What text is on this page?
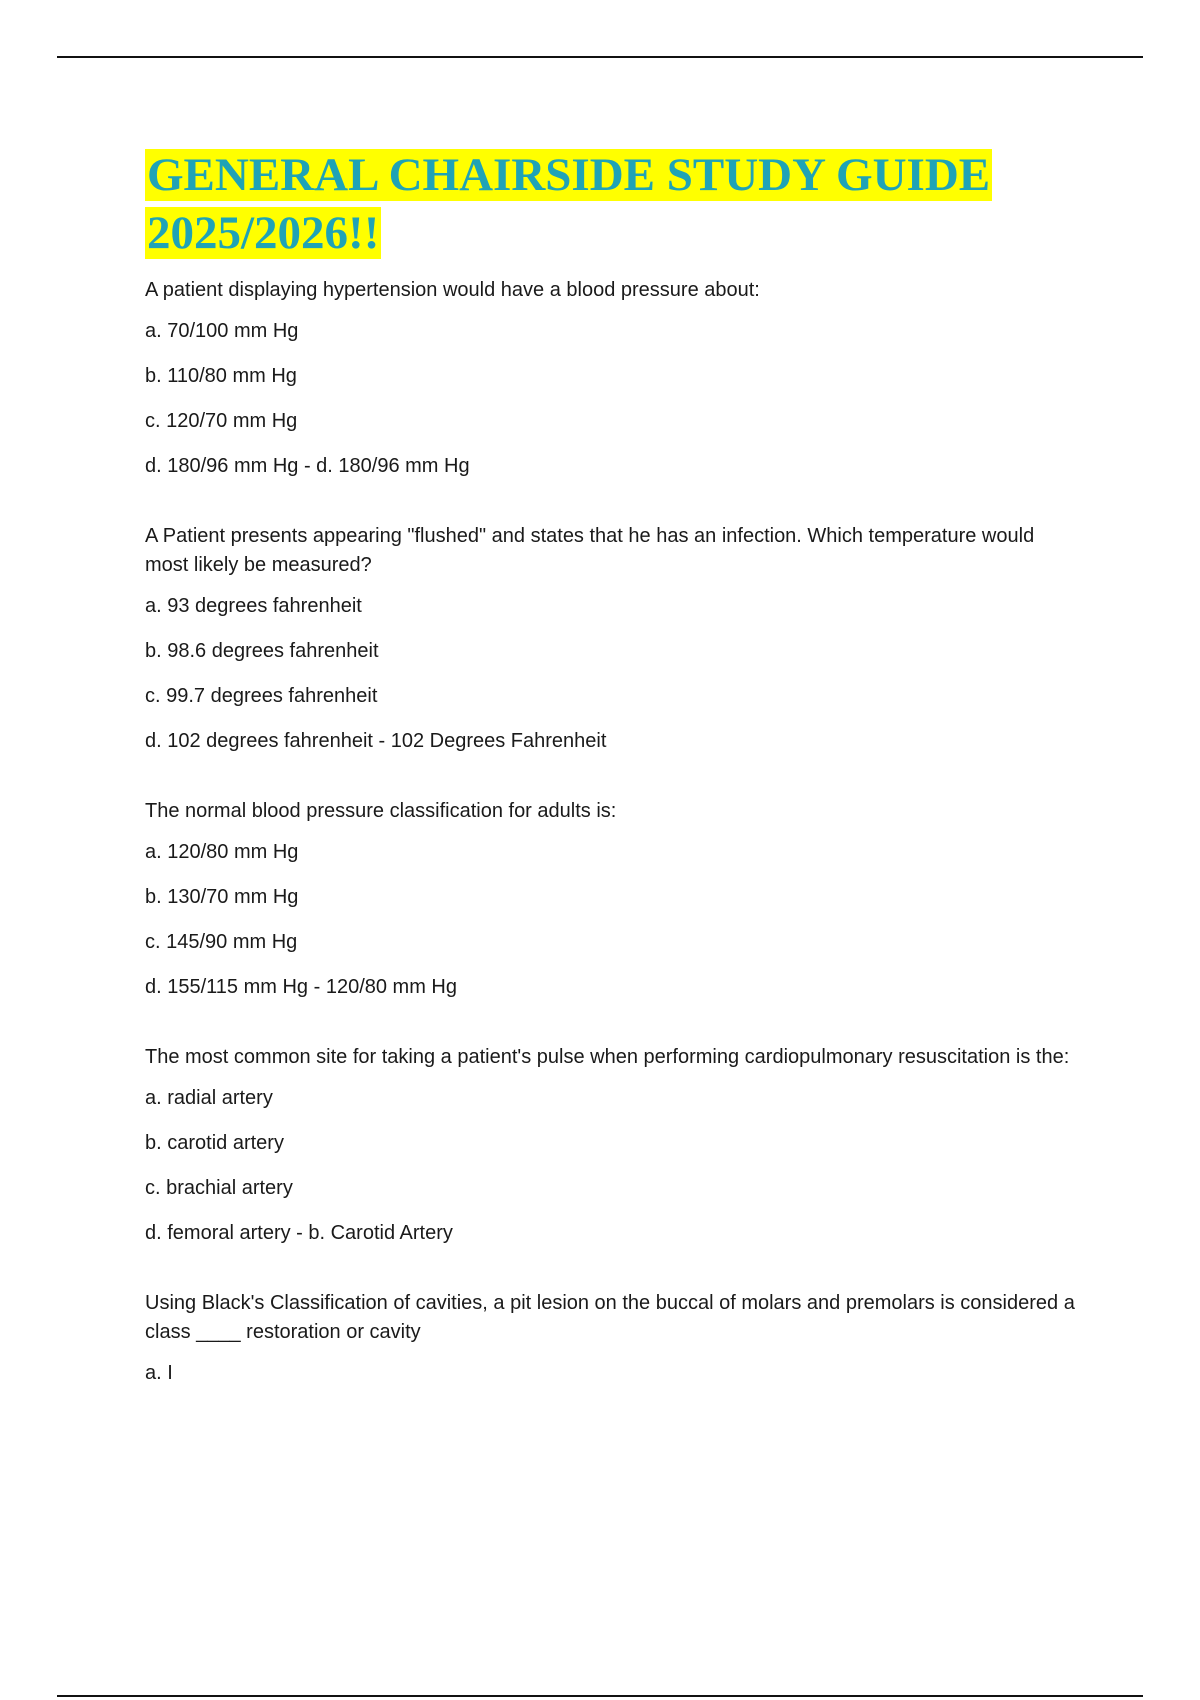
GENERAL CHAIRSIDE STUDY GUIDE
2025/2026!!

A patient displaying hypertension would have a blood pressure about:

a. 70/100 mm Hg
b. 110/80 mm Hg
c. 120/70 mm Hg
d. 180/96 mm Hg - d. 180/96 mm Hg

A Patient presents appearing "flushed" and states that he has an infection. Which temperature would most likely be measured?

a. 93 degrees fahrenheit
b. 98.6 degrees fahrenheit
c. 99.7 degrees fahrenheit
d. 102 degrees fahrenheit - 102 Degrees Fahrenheit

The normal blood pressure classification for adults is:

a. 120/80 mm Hg
b. 130/70 mm Hg
c. 145/90 mm Hg
d. 155/115 mm Hg - 120/80 mm Hg

The most common site for taking a patient's pulse when performing cardiopulmonary resuscitation is the:

a. radial artery
b. carotid artery
c. brachial artery
d. femoral artery - b. Carotid Artery

Using Black's Classification of cavities, a pit lesion on the buccal of molars and premolars is considered a class ____ restoration or cavity

a. I
